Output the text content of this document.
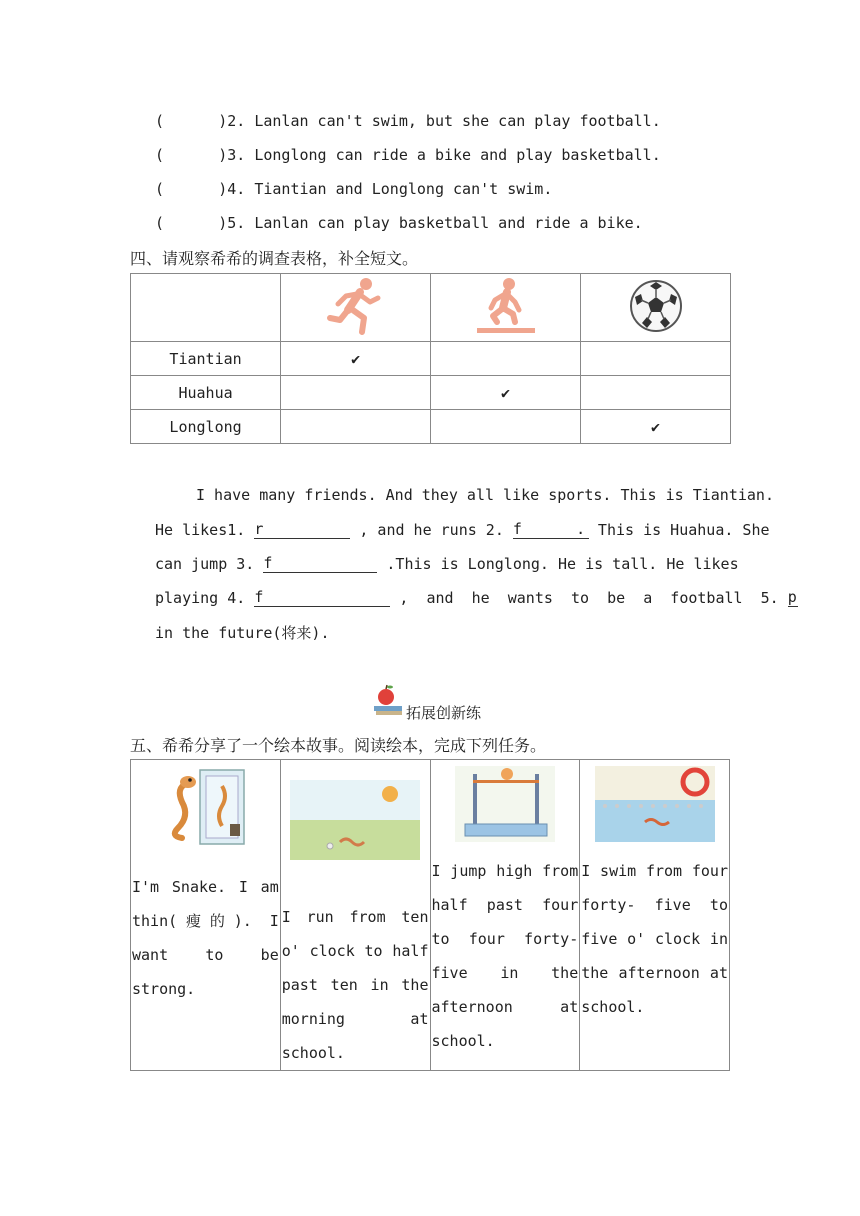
(      )2. Lanlan can't swim, but she can play football.
(      )3. Longlong can ride a bike and play basketball.
(      )4. Tiantian and Longlong can't swim.
(      )5. Lanlan can play basketball and ride a bike.
四、请观察希希的调查表格，补全短文。

Tiantian	✔		
Huahua		✔	
Longlong			✔
I have many friends. And they all like sports. This is Tiantian.
He likes1. r	, and he runs 2. f      . This is Huahua. She
can jump 3. f	.This is Longlong. He is tall. He likes
playing 4. f	,  and  he  wants  to  be  a  football  5. p
in the future(将来).
拓展创新练
五、希希分享了一个绘本故事。阅读绘本，完成下列任务。
I'm Snake. I am thin(瘦的). I want to be strong.

I run from ten o' clock to half past ten in the morning at school.

I jump high from half past four to four forty-five in the afternoon at school.

I swim from four forty- five to five o' clock in the afternoon at school.
